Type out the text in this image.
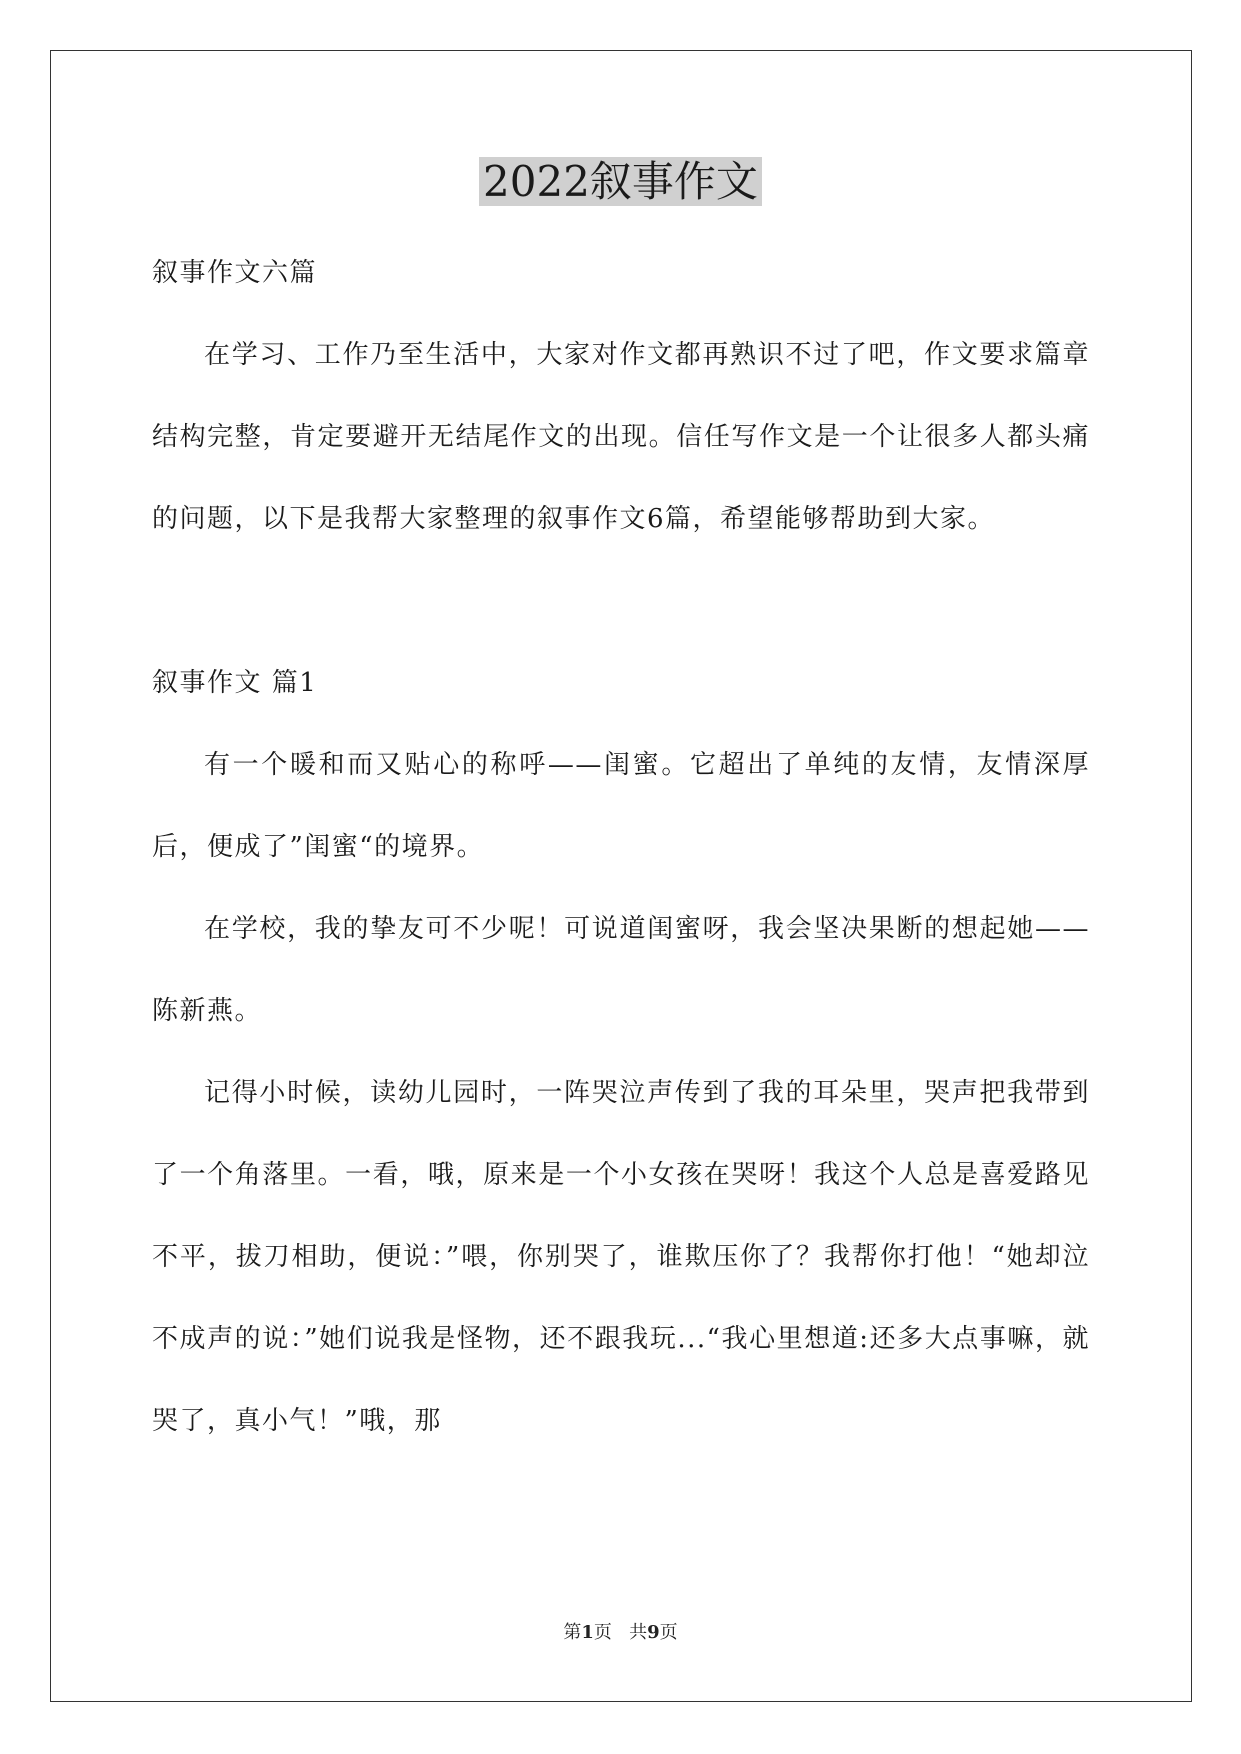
2022叙事作文

叙事作文六篇

在学习、工作乃至生活中，大家对作文都再熟识不过了吧，作文要求篇章结构完整，肯定要避开无结尾作文的出现。信任写作文是一个让很多人都头痛的问题，以下是我帮大家整理的叙事作文6篇，希望能够帮助到大家。

叙事作文 篇1

有一个暖和而又贴心的称呼——闺蜜。它超出了单纯的友情，友情深厚后，便成了”闺蜜“的境界。

在学校，我的挚友可不少呢！可说道闺蜜呀，我会坚决果断的想起她——陈新燕。

记得小时候，读幼儿园时，一阵哭泣声传到了我的耳朵里，哭声把我带到了一个角落里。一看，哦，原来是一个小女孩在哭呀！我这个人总是喜爱路见不平，拔刀相助，便说：”喂，你别哭了，谁欺压你了？我帮你打他！“她却泣不成声的说：”她们说我是怪物，还不跟我玩...“我心里想道:还多大点事嘛，就哭了，真小气！”哦，那

第1页 共9页
